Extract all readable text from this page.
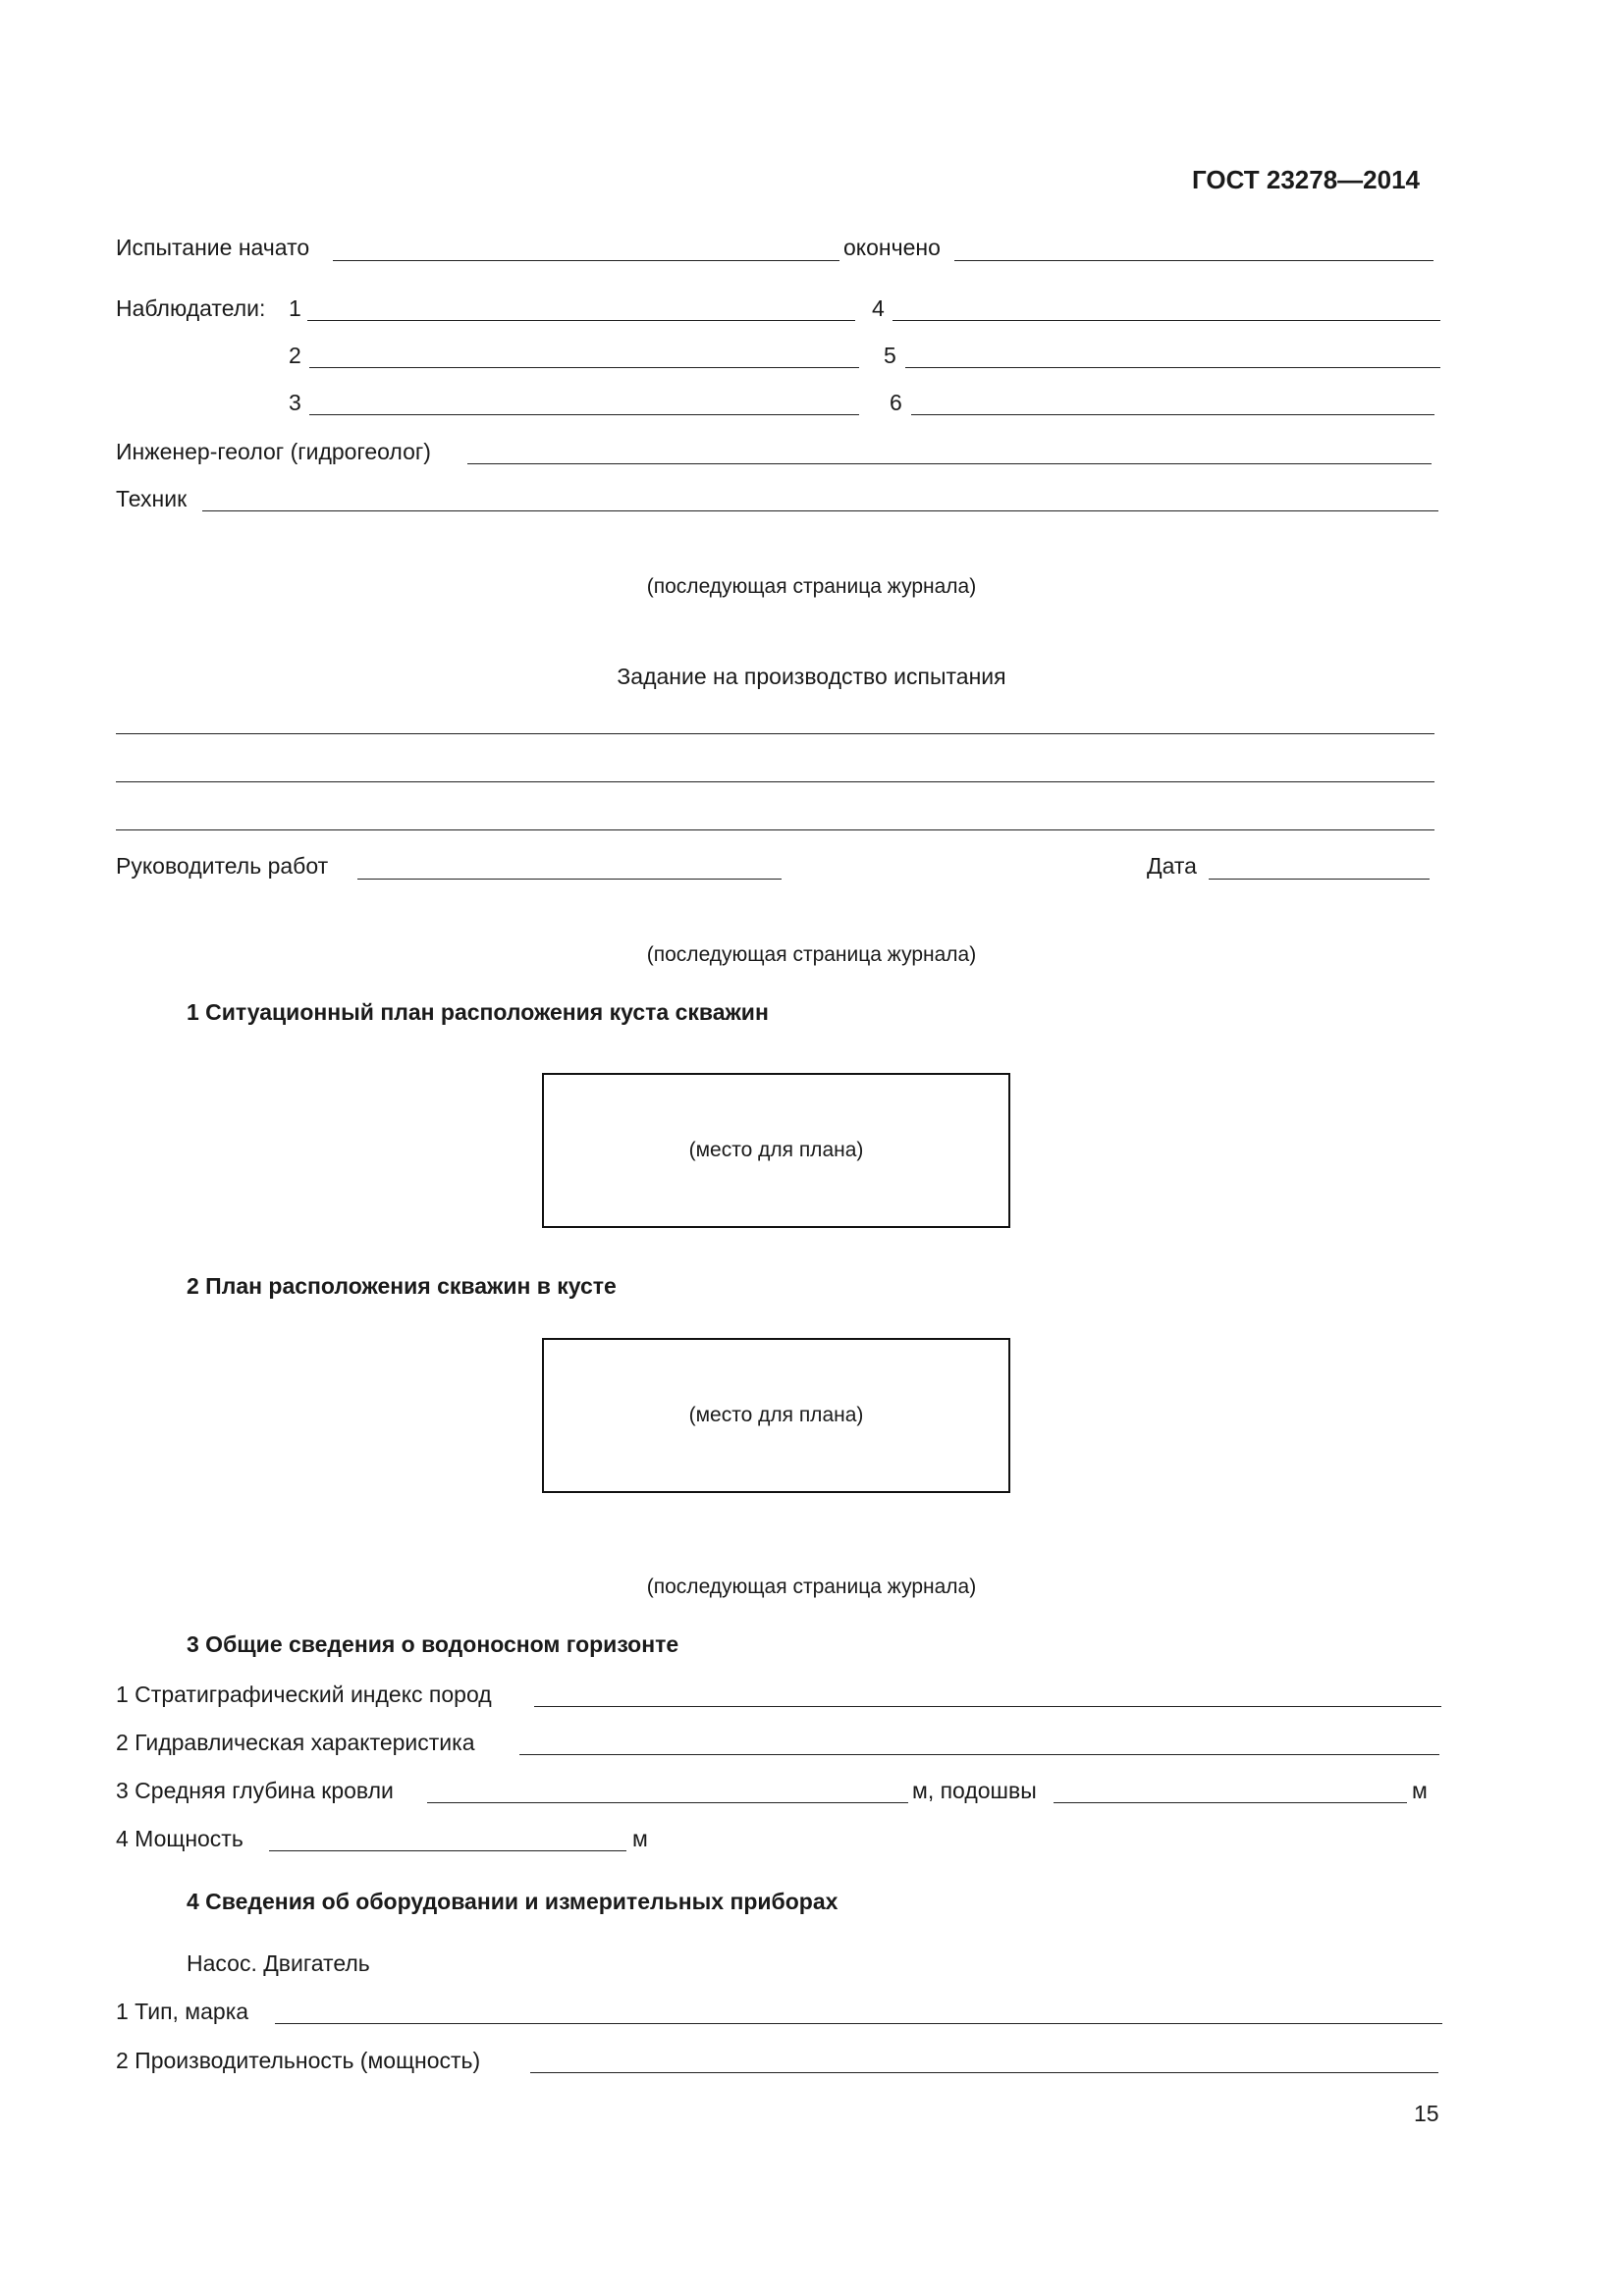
ГОСТ 23278—2014
Испытание начато	окончено
Наблюдатели: 1	4
2	5
3	6
Инженер-геолог (гидрогеолог)
Техник
(последующая страница журнала)
Задание на производство испытания
Руководитель работ	Дата
(последующая страница журнала)
1 Ситуационный план расположения куста скважин
(место для плана)
2 План расположения скважин в кусте
(место для плана)
(последующая страница журнала)
3 Общие сведения о водоносном горизонте
1 Стратиграфический индекс пород
2 Гидравлическая характеристика
3 Средняя глубина кровли	м, подошвы	м
4 Мощность	м
4 Сведения об оборудовании и измерительных приборах
Насос. Двигатель
1 Тип, марка
2 Производительность (мощность)
15
